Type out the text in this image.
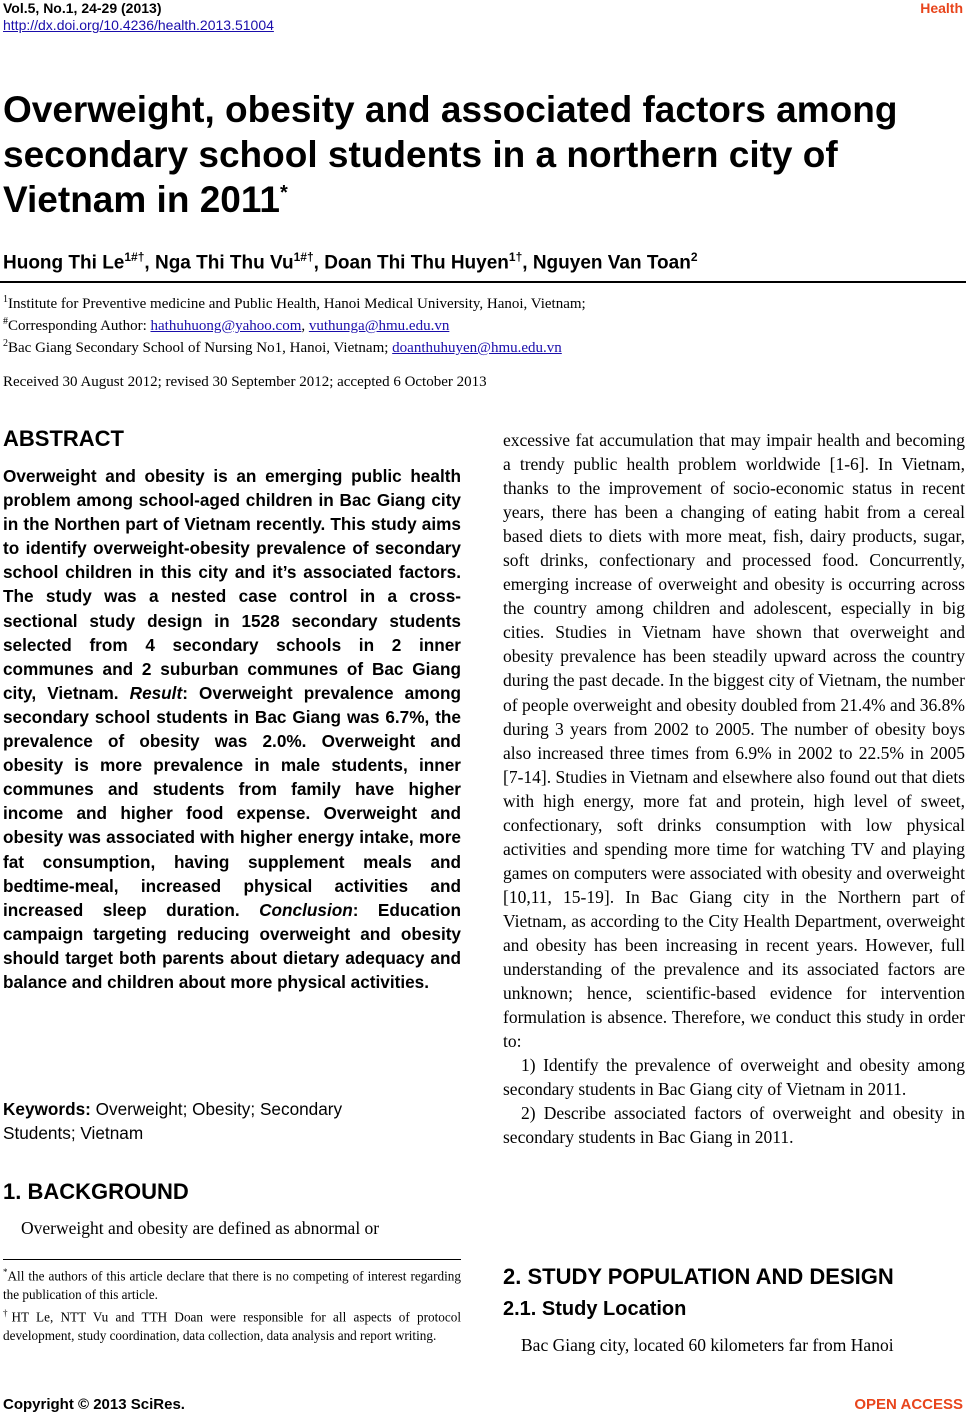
Vol.5, No.1, 24-29 (2013)
http://dx.doi.org/10.4236/health.2013.51004
Health
Overweight, obesity and associated factors among secondary school students in a northern city of Vietnam in 2011*
Huong Thi $Le^{1\#\dagger}$, Nga Thi Thu $Vu^{1\#\dagger}$, Doan Thi Thu Huyen$^{1\dagger}$, Nguyen Van Toan$^2$
$^1$Institute for Preventive medicine and Public Health, Hanoi Medical University, Hanoi, Vietnam;
#Corresponding Author: hathuhuong@yahoo.com, vuthunga@hmu.edu.vn
$^2$Bac Giang Secondary School of Nursing No1, Hanoi, Vietnam; doanthuhuyen@hmu.edu.vn
Received 30 August 2012; revised 30 September 2012; accepted 6 October 2013
ABSTRACT
Overweight and obesity is an emerging public health problem among school-aged children in Bac Giang city in the Northen part of Vietnam recently. This study aims to identify overweight-obesity prevalence of secondary school children in this city and it’s associated factors. The study was a nested case control in a cross-sectional study design in 1528 secondary students selected from 4 secondary schools in 2 inner communes and 2 suburban communes of Bac Giang city, Vietnam. Result: Overweight prevalence among secondary school students in Bac Giang was 6.7%, the prevalence of obesity was 2.0%. Overweight and obesity is more prevalence in male students, inner communes and students from family have higher income and higher food expense. Overweight and obesity was associated with higher energy intake, more fat consumption, having supplement meals and bedtime-meal, increased physical activities and increased sleep duration. Conclusion: Education campaign targeting reducing overweight and obesity should target both parents about dietary adequacy and balance and children about more physical activities.
Keywords: Overweight; Obesity; Secondary Students; Vietnam
1. BACKGROUND
Overweight and obesity are defined as abnormal or
*All the authors of this article declare that there is no competing of interest regarding the publication of this article.
†HT Le, NTT Vu and TTH Doan were responsible for all aspects of protocol development, study coordination, data collection, data analysis and report writing.

excessive fat accumulation that may impair health and becoming a trendy public health problem worldwide [1-6]. In Vietnam, thanks to the improvement of socio-economic status in recent years, there has been a changing of eating habit from a cereal based diets to diets with more meat, fish, dairy products, sugar, soft drinks, confectionary and processed food. Concurrently, emerging increase of overweight and obesity is occurring across the country among children and adolescent, especially in big cities. Studies in Vietnam have shown that overweight and obesity prevalence has been steadily upward across the country during the past decade. In the biggest city of Vietnam, the number of people overweight and obesity doubled from 21.4% and 36.8% during 3 years from 2002 to 2005. The number of obesity boys also increased three times from 6.9% in 2002 to 22.5% in 2005 [7-14]. Studies in Vietnam and elsewhere also found out that diets with high energy, more fat and protein, high level of sweet, confectionary, soft drinks consumption with low physical activities and spending more time for watching TV and playing games on computers were associated with obesity and overweight [10,11, 15-19]. In Bac Giang city in the Northern part of Vietnam, as according to the City Health Department, overweight and obesity has been increasing in recent years. However, full understanding of the prevalence and its associated factors are unknown; hence, scientific-based evidence for intervention formulation is absence. Therefore, we conduct this study in order to:

1) Identify the prevalence of overweight and obesity among secondary students in Bac Giang city of Vietnam in 2011.

2) Describe associated factors of overweight and obesity in secondary students in Bac Giang in 2011.

2. STUDY POPULATION AND DESIGN
2.1. Study Location
Bac Giang city, located 60 kilometers far from Hanoi
Copyright © 2013 SciRes.	OPEN ACCESS
